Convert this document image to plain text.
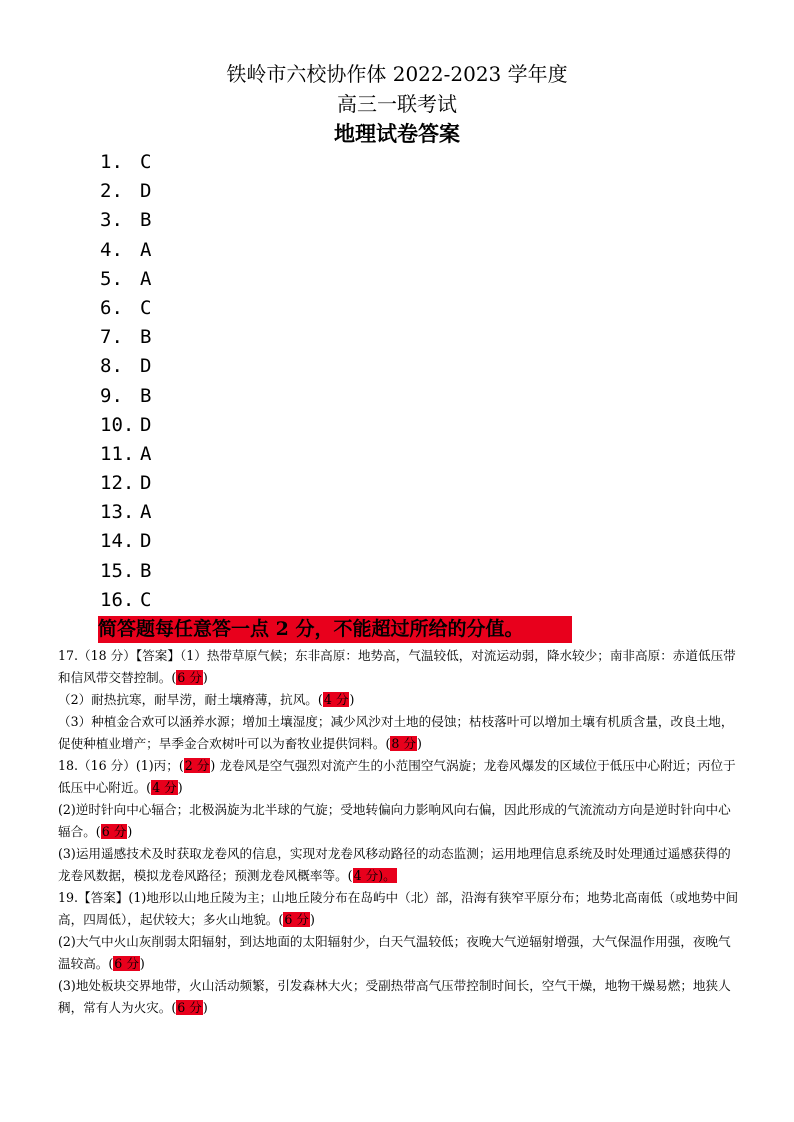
铁岭市六校协作体 2022-2023 学年度
高三一联考试
地理试卷答案
1. C
2. D
3. B
4. A
5. A
6. C
7. B
8. D
9. B
10. D
11. A
12. D
13. A
14. D
15. B
16. C
简答题每任意答一点 2 分，不能超过所给的分值。

17.（18 分）【答案】（1）热带草原气候；东非高原：地势高，气温较低，对流运动弱，降水较少；南非高原：赤道低压带和信风带交替控制。(6 分)

（2）耐热抗寒，耐旱涝，耐土壤瘠薄，抗风。(4 分)

（3）种植金合欢可以涵养水源；增加土壤湿度；减少风沙对土地的侵蚀；枯枝落叶可以增加土壤有机质含量，改良土地，促使种植业增产；旱季金合欢树叶可以为畜牧业提供饲料。(8 分)

18.（16 分）(1)丙；(2 分) 龙卷风是空气强烈对流产生的小范围空气涡旋；龙卷风爆发的区域位于低压中心附近；丙位于低压中心附近。(4 分)

(2)逆时针向中心辐合；北极涡旋为北半球的气旋；受地转偏向力影响风向右偏，因此形成的气流流动方向是逆时针向中心辐合。(6 分)

(3)运用遥感技术及时获取龙卷风的信息，实现对龙卷风移动路径的动态监测；运用地理信息系统及时处理通过遥感获得的龙卷风数据，模拟龙卷风路径；预测龙卷风概率等。(4 分)。

19.【答案】(1)地形以山地丘陵为主；山地丘陵分布在岛屿中（北）部，沿海有狭窄平原分布；地势北高南低（或地势中间高，四周低），起伏较大；多火山地貌。(6 分)

(2)大气中火山灰削弱太阳辐射，到达地面的太阳辐射少，白天气温较低；夜晚大气逆辐射增强，大气保温作用强，夜晚气温较高。(6 分)

(3)地处板块交界地带，火山活动频繁，引发森林大火；受副热带高气压带控制时间长，空气干燥，地物干燥易燃；地狭人稠，常有人为火灾。(6 分)
